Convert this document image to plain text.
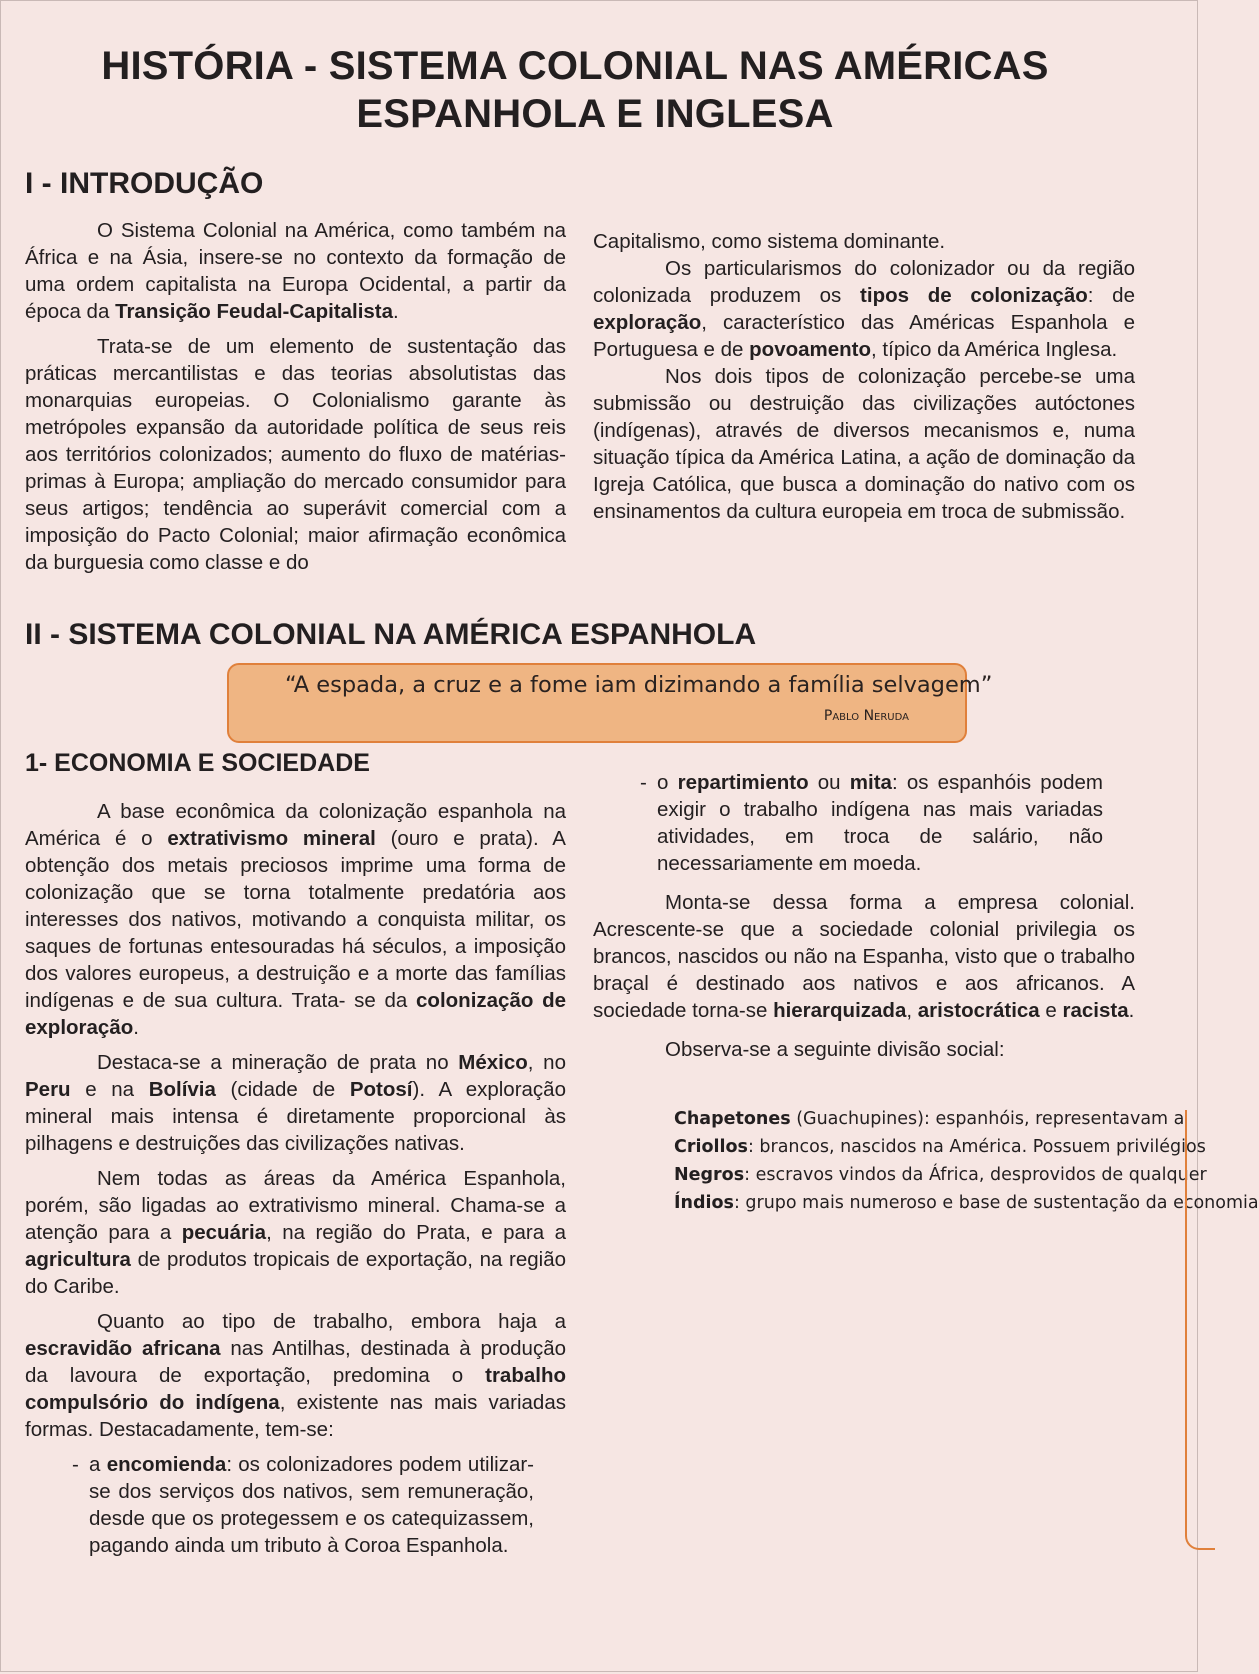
HISTÓRIA - SISTEMA COLONIAL NAS AMÉRICAS
ESPANHOLA E INGLESA
I - INTRODUÇÃO

O Sistema Colonial na América, como também na África e na Ásia, insere-se no contexto da formação de uma ordem capitalista na Europa Ocidental, a partir da época da Transição Feudal-Capitalista.

Trata-se de um elemento de sustentação das práticas mercantilistas e das teorias absolutistas das monarquias europeias. O Colonialismo garante às metrópoles expansão da autoridade política de seus reis aos territórios colonizados; aumento do fluxo de matérias-primas à Europa; ampliação do mercado consumidor para seus artigos; tendência ao superávit comercial com a imposição do Pacto Colonial; maior afirmação econômica da burguesia como classe e do

Capitalismo, como sistema dominante.

Os particularismos do colonizador ou da região colonizada produzem os tipos de colonização: de exploração, característico das Américas Espanhola e Portuguesa e de povoamento, típico da América Inglesa.

Nos dois tipos de colonização percebe-se uma submissão ou destruição das civilizações autóctones (indígenas), através de diversos mecanismos e, numa situação típica da América Latina, a ação de dominação da Igreja Católica, que busca a dominação do nativo com os ensinamentos da cultura europeia em troca de submissão.

II - SISTEMA COLONIAL NA AMÉRICA ESPANHOLA
“A espada, a cruz e a fome iam dizimando a família selvagem”
Pablo Neruda
1- ECONOMIA E SOCIEDADE

A base econômica da colonização espanhola na América é o extrativismo mineral (ouro e prata). A obtenção dos metais preciosos imprime uma forma de colonização que se torna totalmente predatória aos interesses dos nativos, motivando a conquista militar, os saques de fortunas entesouradas há séculos, a imposição dos valores europeus, a destruição e a morte das famílias indígenas e de sua cultura. Trata- se da colonização de exploração.

Destaca-se a mineração de prata no México, no Peru e na Bolívia (cidade de Potosí). A exploração mineral mais intensa é diretamente proporcional às pilhagens e destruições das civilizações nativas.

Nem todas as áreas da América Espanhola, porém, são ligadas ao extrativismo mineral. Chama-se a atenção para a pecuária, na região do Prata, e para a agricultura de produtos tropicais de exportação, na região do Caribe.

Quanto ao tipo de trabalho, embora haja a escravidão africana nas Antilhas, destinada à produção da lavoura de exportação, predomina o trabalho compulsório do indígena, existente nas mais variadas formas. Destacadamente, tem-se:

- a encomienda: os colonizadores podem utilizar-se dos serviços dos nativos, sem remuneração, desde que os protegessem e os catequizassem, pagando ainda um tributo à Coroa Espanhola.
- o repartimiento ou mita: os espanhóis podem exigir o trabalho indígena nas mais variadas atividades, em troca de salário, não necessariamente em moeda.

Monta-se dessa forma a empresa colonial. Acrescente-se que a sociedade colonial privilegia os brancos, nascidos ou não na Espanha, visto que o trabalho braçal é destinado aos nativos e aos africanos. A sociedade torna-se hierarquizada, aristocrática e racista.

Observa-se a seguinte divisão social:

Chapetones (Guachupines): espanhóis, representavam a
Criollos: brancos, nascidos na América. Possuem privilégios
Negros: escravos vindos da África, desprovidos de qualquer
Índios: grupo mais numeroso e base de sustentação da economia
